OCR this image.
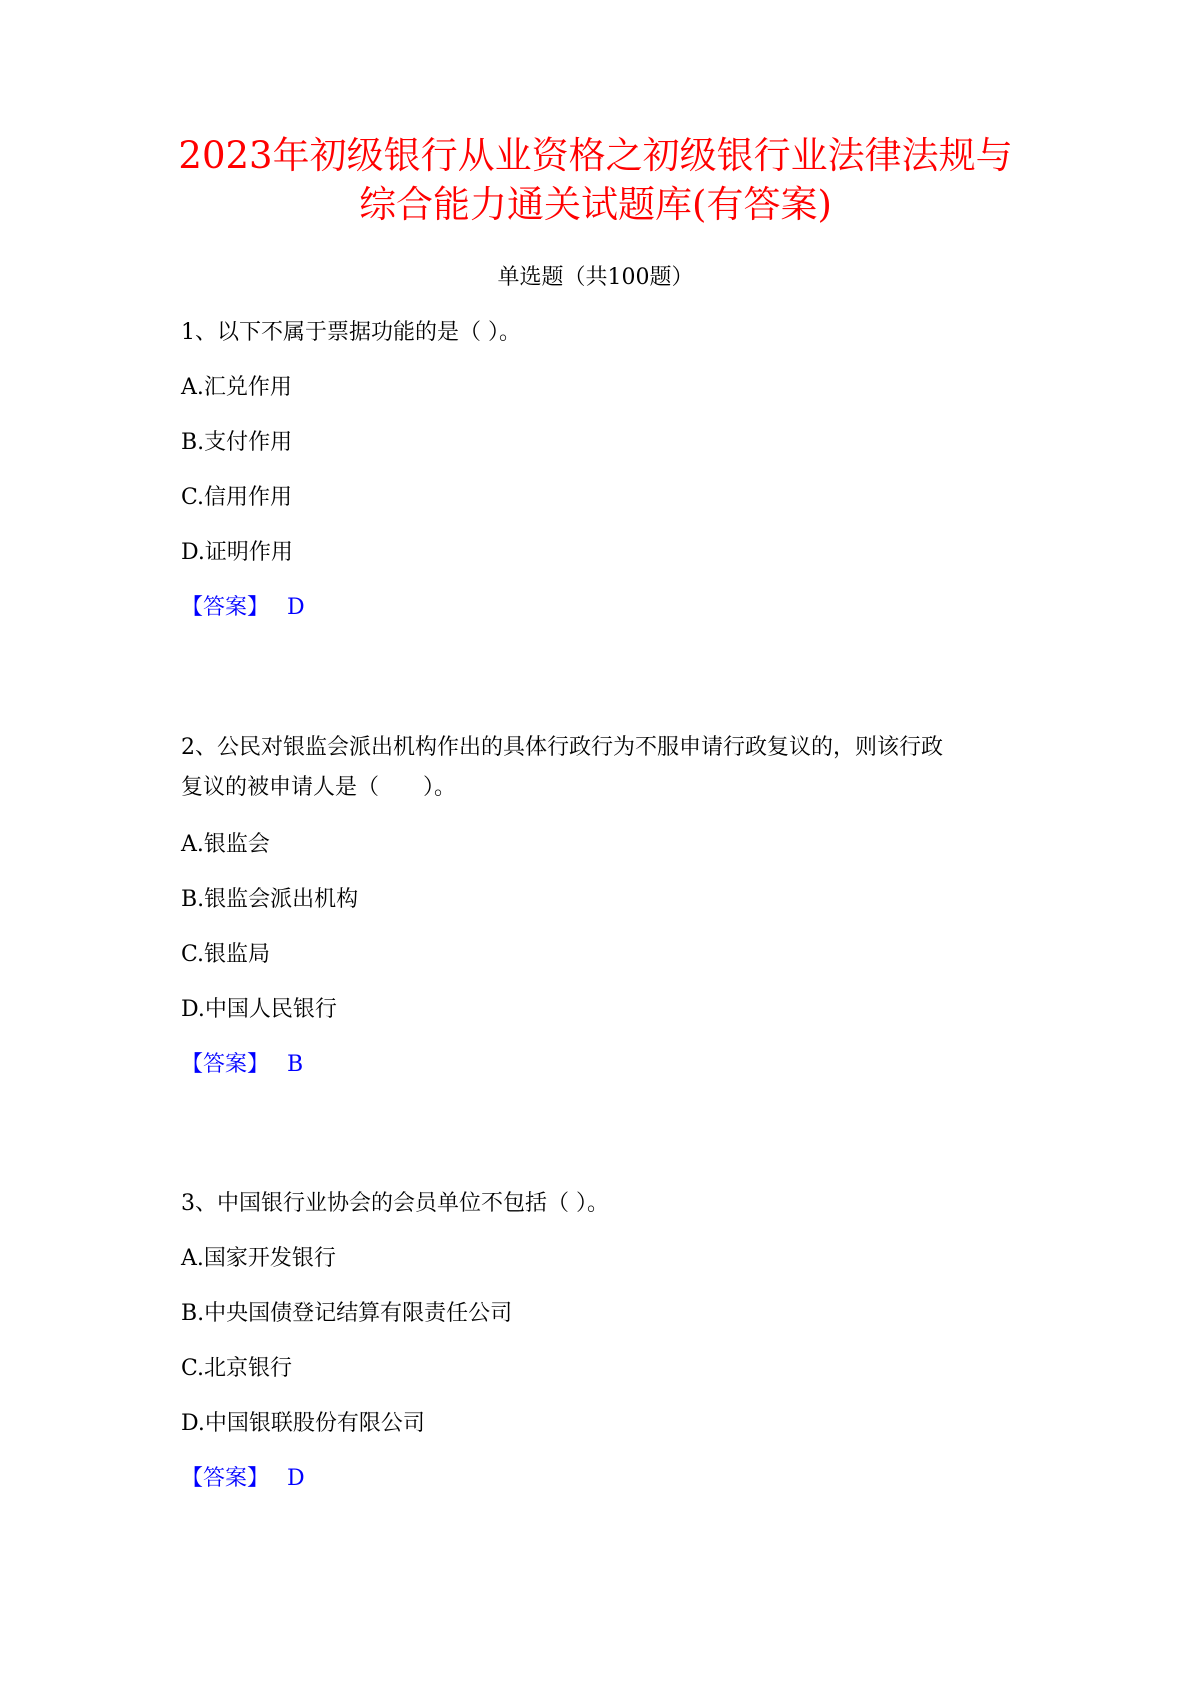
2023年初级银行从业资格之初级银行业法律法规与
综合能力通关试题库(有答案)
单选题（共100题）
1、以下不属于票据功能的是（ ）。
A.汇兑作用
B.支付作用
C.信用作用
D.证明作用
【答案】 D
2、公民对银监会派出机构作出的具体行政行为不服申请行政复议的，则该行政
复议的被申请人是（　　）。
A.银监会
B.银监会派出机构
C.银监局
D.中国人民银行
【答案】 B
3、中国银行业协会的会员单位不包括（ ）。
A.国家开发银行
B.中央国债登记结算有限责任公司
C.北京银行
D.中国银联股份有限公司
【答案】 D
